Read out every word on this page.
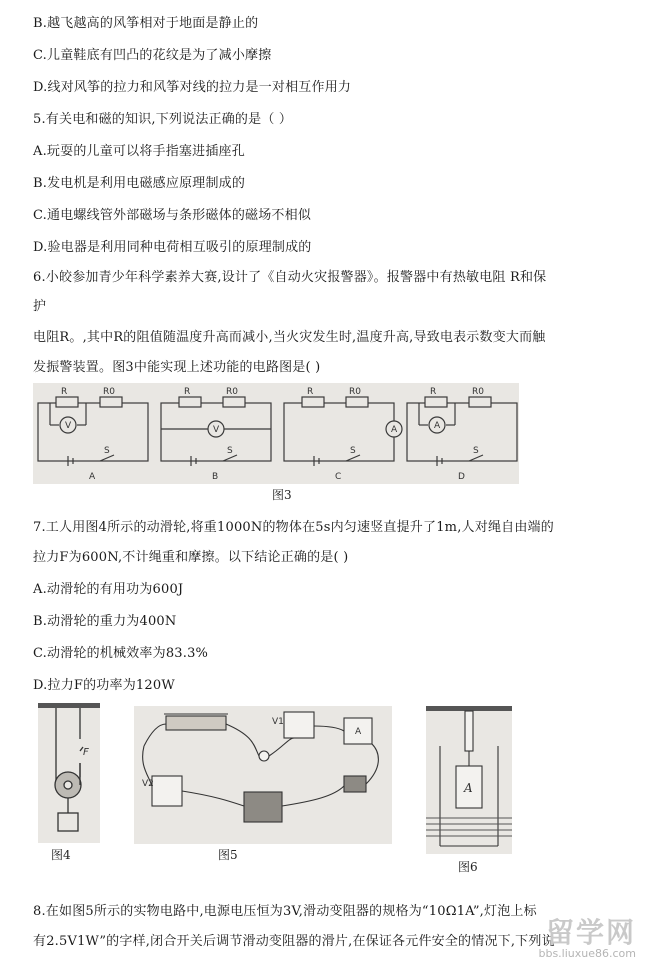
B.越飞越高的风筝相对于地面是静止的
C.儿童鞋底有凹凸的花纹是为了减小摩擦
D.线对风筝的拉力和风筝对线的拉力是一对相互作用力
5.有关电和磁的知识,下列说法正确的是（ ）
A.玩耍的儿童可以将手指塞进插座孔
B.发电机是利用电磁感应原理制成的
C.通电螺线管外部磁场与条形磁体的磁场不相似
D.验电器是利用同种电荷相互吸引的原理制成的
6.小皎参加青少年科学素养大赛,设计了《自动火灾报警器》。报警器中有热敏电阻 R和保
护
电阻R。,其中R的阻值随温度升高而减小,当火灾发生时,温度升高,导致电表示数变大而触
发振警装置。图3中能实现上述功能的电路图是( )
R	R0
V
S
A
R	R0
V
S
B
R	R0
A
S
C
R	R0
A
S
D
图3
7.工人用图4所示的动滑轮,将重1000N的物体在5s内匀速竖直提升了1m,人对绳自由端的
拉力F为600N,不计绳重和摩擦。以下结论正确的是( )
A.动滑轮的有用功为600J
B.动滑轮的重力为400N
C.动滑轮的机械效率为83.3%
D.拉力F的功率为120W
F
图4
V1
V2
A
图5
A
图6
8.在如图5所示的实物电路中,电源电压恒为3V,滑动变阻器的规格为“10Ω1A”,灯泡上标
有2.5V1W”的字样,闭合开关后调节滑动变阻器的滑片,在保证各元件安全的情况下,下列说
留学网
bbs.liuxue86.com
